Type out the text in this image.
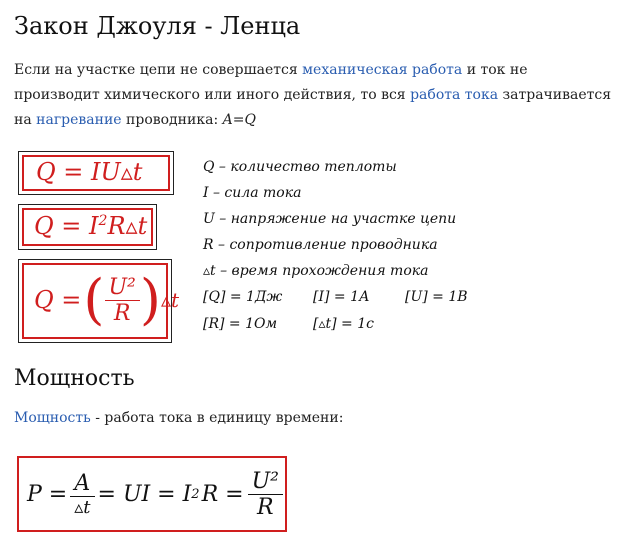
Закон Джоуля - Ленца
Если на участке цепи не совершается механическая работа и ток не производит химического или иного действия, то вся работа тока затрачивается на нагревание проводника: A=Q
Q = IU▵t
$Q = I^2R▵t$
Q = ( $\frac{\text{U²}}{R}$ ) ▵t
Q – количество теплоты
I – сила тока
U – напряжение на участке цепи
R – сопротивление проводника
▵t – время прохождения тока
[Q] = 1Дж [I] = 1А	[U] = 1В
[R] = 1Ом	[▵t] = 1с
Мощность
Мощность - работа тока в единицу времени:
$P = \frac{A}{▵t}$ = UI = I 2 $R = \frac{\text{U²}}{R}$
